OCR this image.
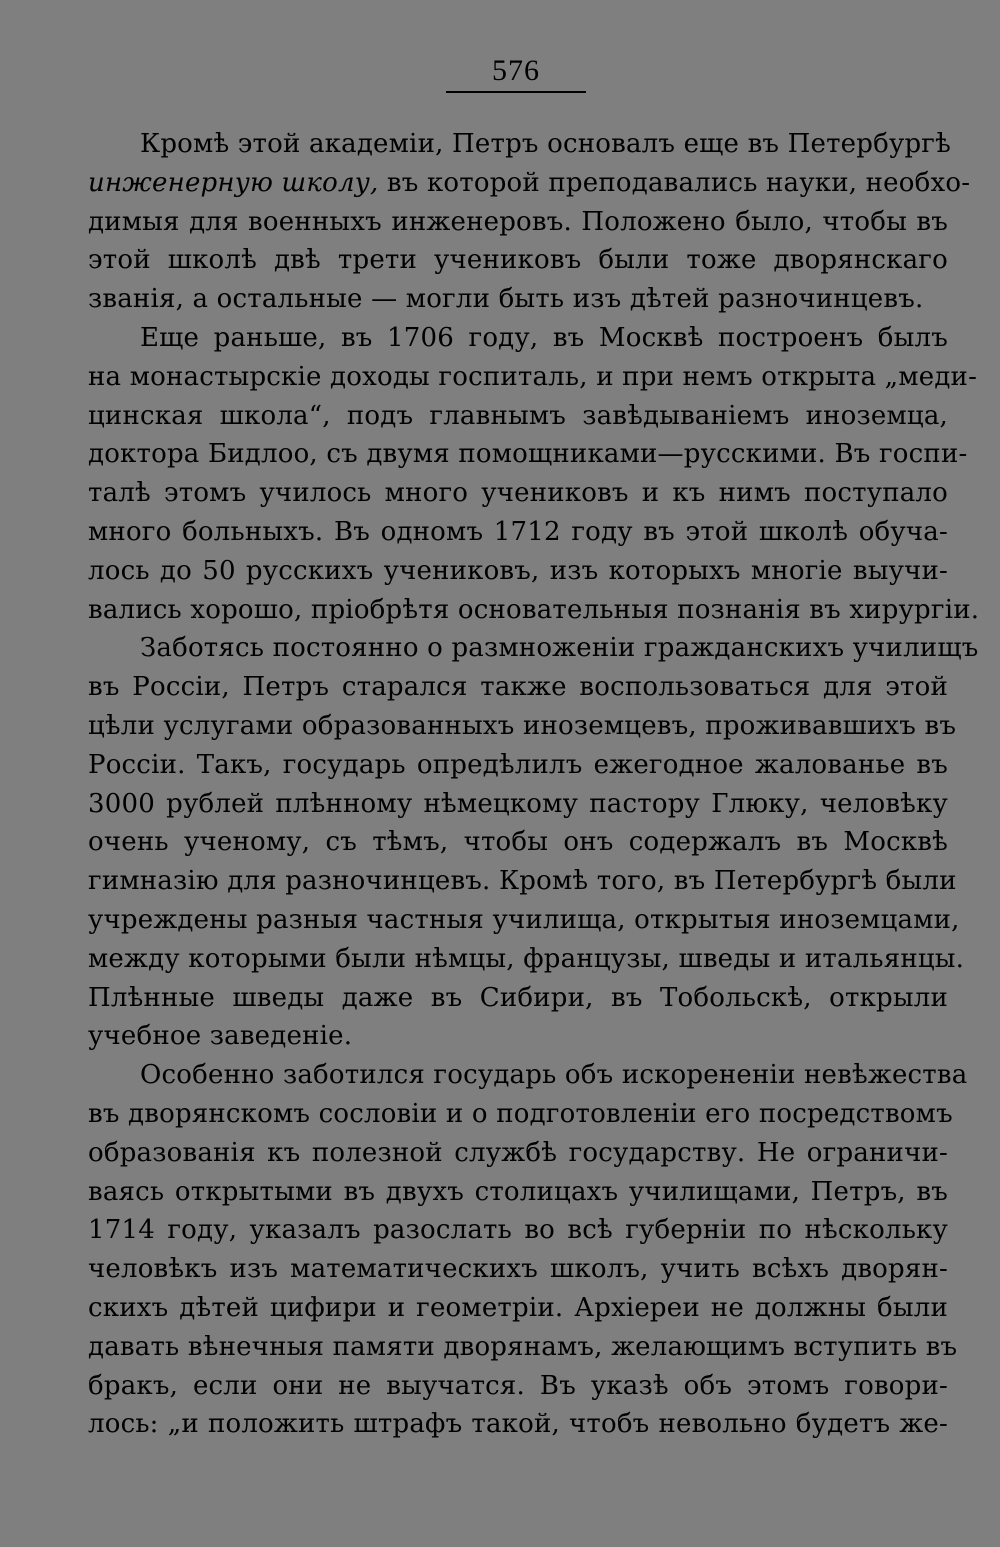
576
Кромѣ этой академіи, Петръ основалъ еще въ Петербургѣ
инженерную школу, въ которой преподавались науки, необхо-
димыя для военныхъ инженеровъ. Положено было, чтобы въ
этой школѣ двѣ трети учениковъ были тоже дворянскаго
званія, а остальные — могли быть изъ дѣтей разночинцевъ.
Еще раньше, въ 1706 году, въ Москвѣ построенъ былъ
на монастырскіе доходы госпиталь, и при немъ открыта „меди-
цинская школа“, подъ главнымъ завѣдываніемъ иноземца,
доктора Бидлоо, съ двумя помощниками—русскими. Въ госпи-
талѣ этомъ училось много учениковъ и къ нимъ поступало
много больныхъ. Въ одномъ 1712 году въ этой школѣ обуча-
лось до 50 русскихъ учениковъ, изъ которыхъ многіе выучи-
вались хорошо, пріобрѣтя основательныя познанія въ хирургіи.
Заботясь постоянно о размноженіи гражданскихъ училищъ
въ Россіи, Петръ старался также воспользоваться для этой
цѣли услугами образованныхъ иноземцевъ, проживавшихъ въ
Россіи. Такъ, государь опредѣлилъ ежегодное жалованье въ
3000 рублей плѣнному нѣмецкому пастору Глюку, человѣку
очень ученому, съ тѣмъ, чтобы онъ содержалъ въ Москвѣ
гимназію для разночинцевъ. Кромѣ того, въ Петербургѣ были
учреждены разныя частныя училища, открытыя иноземцами,
между которыми были нѣмцы, французы, шведы и итальянцы.
Плѣнные шведы даже въ Сибири, въ Тобольскѣ, открыли
учебное заведеніе.
Особенно заботился государь объ искорененіи невѣжества
въ дворянскомъ сословіи и о подготовленіи его посредствомъ
образованія къ полезной службѣ государству. Не ограничи-
ваясь открытыми въ двухъ столицахъ училищами, Петръ, въ
1714 году, указалъ разослать во всѣ губерніи по нѣскольку
человѣкъ изъ математическихъ школъ, учить всѣхъ дворян-
скихъ дѣтей цифири и геометріи. Архіереи не должны были
давать вѣнечныя памяти дворянамъ, желающимъ вступить въ
бракъ, если они не выучатся. Въ указѣ объ этомъ говори-
лось: „и положить штрафъ такой, чтобъ невольно будетъ же-
